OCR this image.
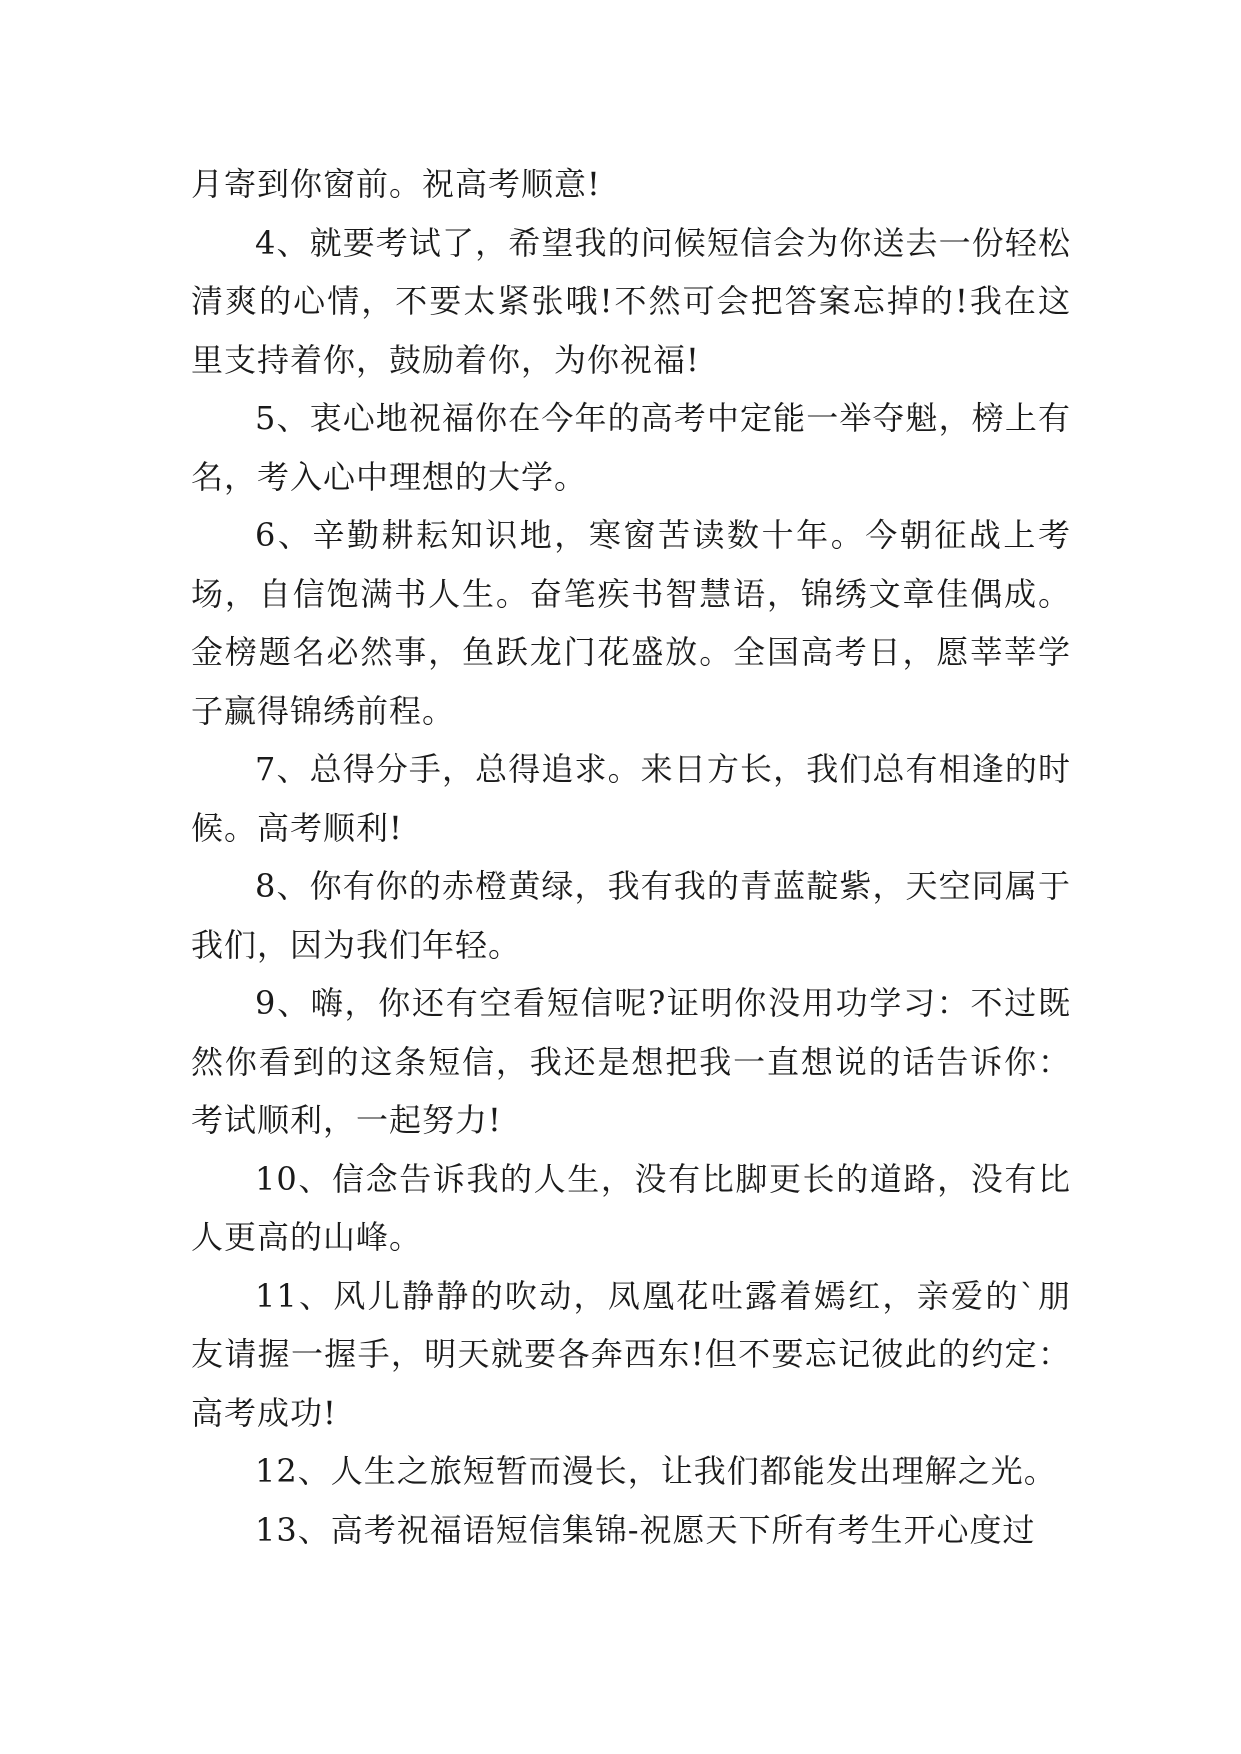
月寄到你窗前。祝高考顺意!

4、就要考试了，希望我的问候短信会为你送去一份轻松清爽的心情，不要太紧张哦!不然可会把答案忘掉的!我在这里支持着你，鼓励着你，为你祝福!

5、衷心地祝福你在今年的高考中定能一举夺魁，榜上有名，考入心中理想的大学。

6、辛勤耕耘知识地，寒窗苦读数十年。今朝征战上考场，自信饱满书人生。奋笔疾书智慧语，锦绣文章佳偶成。金榜题名必然事，鱼跃龙门花盛放。全国高考日，愿莘莘学子赢得锦绣前程。

7、总得分手，总得追求。来日方长，我们总有相逢的时候。高考顺利!

8、你有你的赤橙黄绿，我有我的青蓝靛紫，天空同属于我们，因为我们年轻。

9、嗨，你还有空看短信呢?证明你没用功学习：不过既然你看到的这条短信，我还是想把我一直想说的话告诉你：考试顺利，一起努力!

10、信念告诉我的人生，没有比脚更长的道路，没有比人更高的山峰。

11、风儿静静的吹动，凤凰花吐露着嫣红，亲爱的`朋友请握一握手，明天就要各奔西东!但不要忘记彼此的约定：高考成功!

12、人生之旅短暂而漫长，让我们都能发出理解之光。

13、高考祝福语短信集锦-祝愿天下所有考生开心度过
